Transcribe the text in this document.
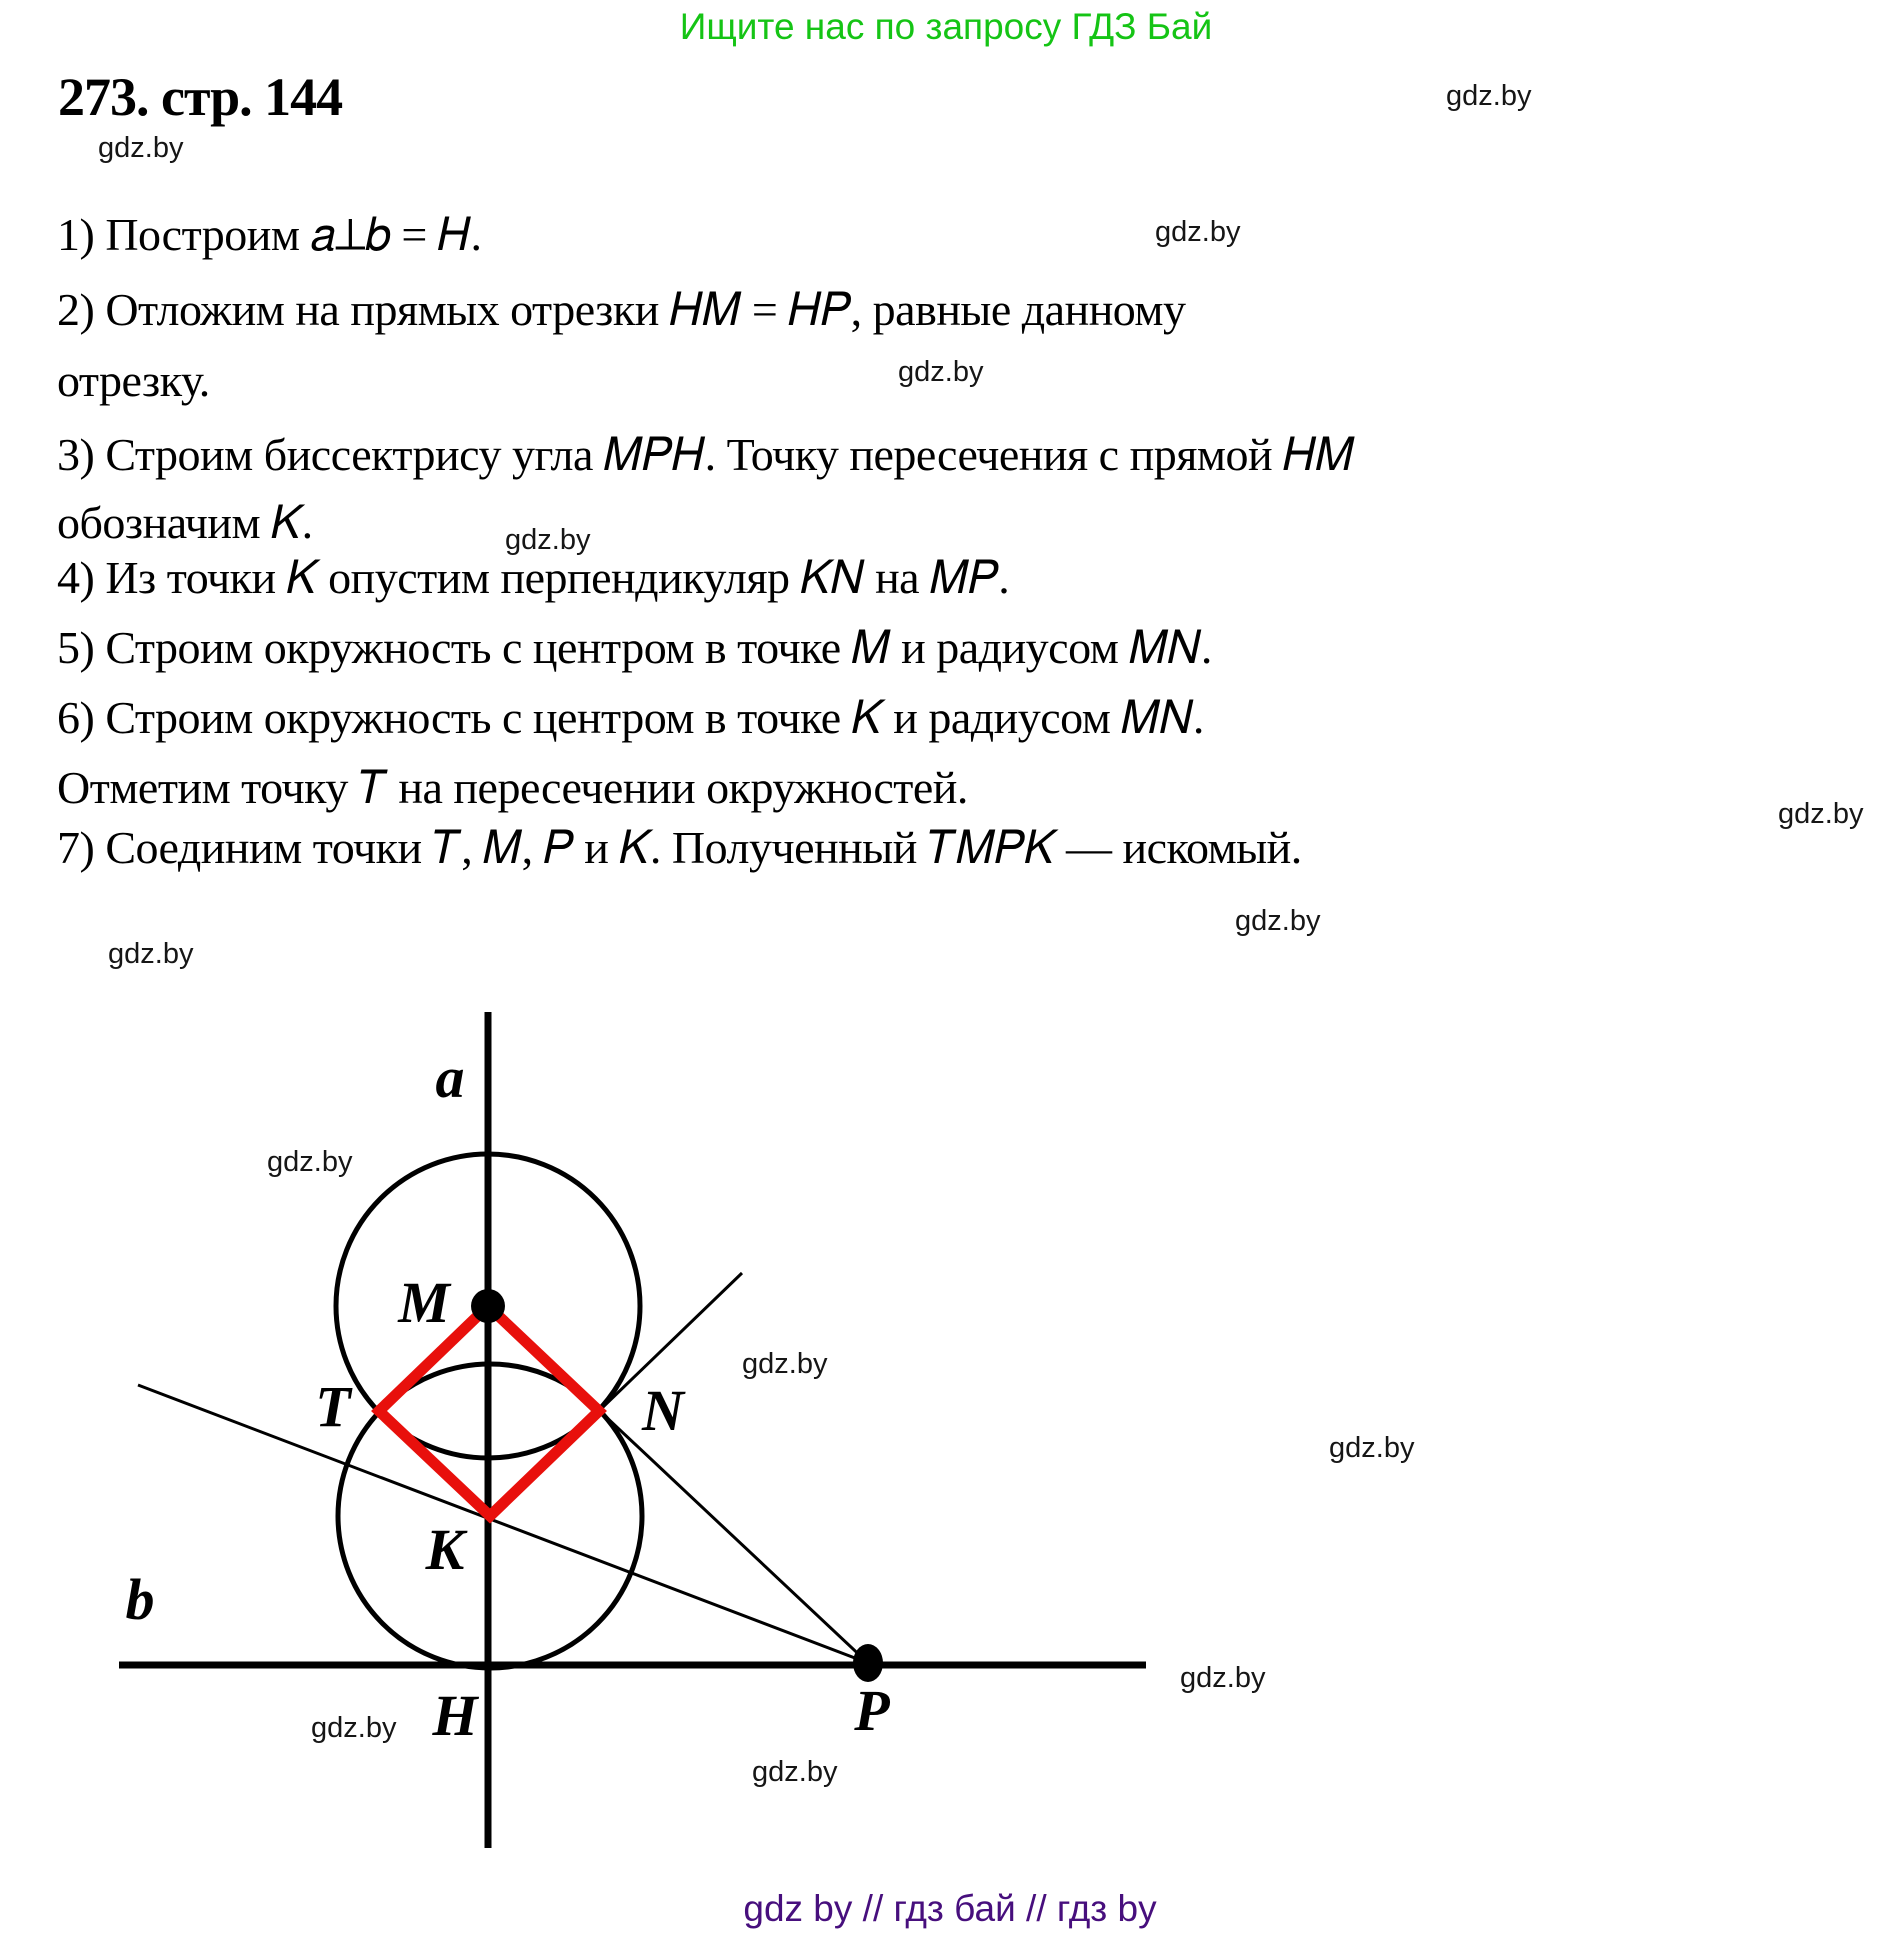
Ищите нас по запросу ГДЗ Бай
273. стр. 144
1) Построим 𝑎⊥𝑏 = 𝐻.
2) Отложим на прямых отрезки 𝐻𝑀 = 𝐻𝑃, равные данному
отрезку.
3) Строим биссектрису угла 𝑀𝑃𝐻. Точку пересечения с прямой 𝐻𝑀
обозначим 𝐾.
4) Из точки 𝐾 опустим перпендикуляр 𝐾𝑁 на 𝑀𝑃.
5) Строим окружность с центром в точке 𝑀 и радиусом 𝑀𝑁.
6) Строим окружность с центром в точке 𝐾 и радиусом 𝑀𝑁.
Отметим точку 𝑇 на пересечении окружностей.
7) Соединим точки 𝑇, 𝑀, 𝑃 и 𝐾. Полученный 𝑇𝑀𝑃𝐾 — искомый.
gdz.by
gdz.by
gdz.by
gdz.by
gdz.by
gdz.by
gdz.by
gdz.by
gdz.by
gdz.by
gdz.by
gdz.by
gdz.by
gdz.by
a
b
M
T	N
K
H	P
gdz by // гдз бай // гдз by
